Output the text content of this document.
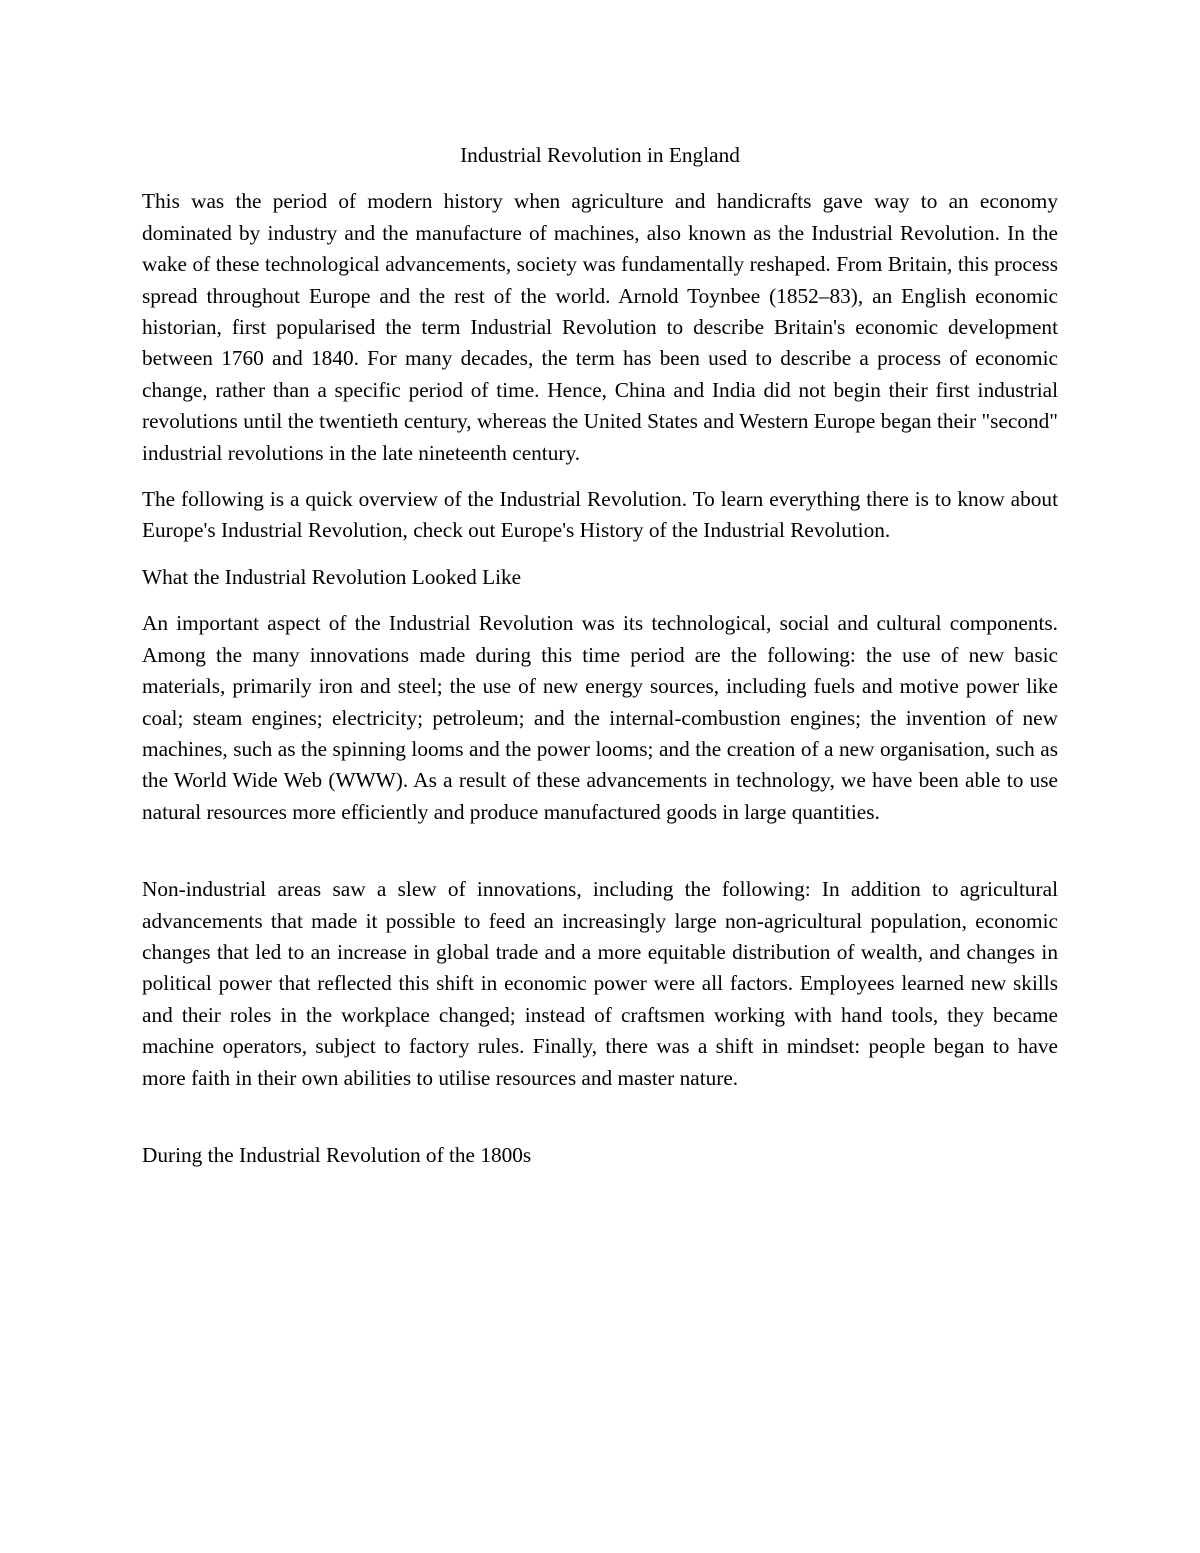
Industrial Revolution in England

This was the period of modern history when agriculture and handicrafts gave way to an economy dominated by industry and the manufacture of machines, also known as the Industrial Revolution. In the wake of these technological advancements, society was fundamentally reshaped. From Britain, this process spread throughout Europe and the rest of the world. Arnold Toynbee (1852–83), an English economic historian, first popularised the term Industrial Revolution to describe Britain's economic development between 1760 and 1840. For many decades, the term has been used to describe a process of economic change, rather than a specific period of time. Hence, China and India did not begin their first industrial revolutions until the twentieth century, whereas the United States and Western Europe began their "second" industrial revolutions in the late nineteenth century.

The following is a quick overview of the Industrial Revolution. To learn everything there is to know about Europe's Industrial Revolution, check out Europe's History of the Industrial Revolution.

What the Industrial Revolution Looked Like

An important aspect of the Industrial Revolution was its technological, social and cultural components. Among the many innovations made during this time period are the following: the use of new basic materials, primarily iron and steel; the use of new energy sources, including fuels and motive power like coal; steam engines; electricity; petroleum; and the internal-combustion engines; the invention of new machines, such as the spinning looms and the power looms; and the creation of a new organisation, such as the World Wide Web (WWW). As a result of these advancements in technology, we have been able to use natural resources more efficiently and produce manufactured goods in large quantities.

Non-industrial areas saw a slew of innovations, including the following: In addition to agricultural advancements that made it possible to feed an increasingly large non-agricultural population, economic changes that led to an increase in global trade and a more equitable distribution of wealth, and changes in political power that reflected this shift in economic power were all factors. Employees learned new skills and their roles in the workplace changed; instead of craftsmen working with hand tools, they became machine operators, subject to factory rules. Finally, there was a shift in mindset: people began to have more faith in their own abilities to utilise resources and master nature.

During the Industrial Revolution of the 1800s
